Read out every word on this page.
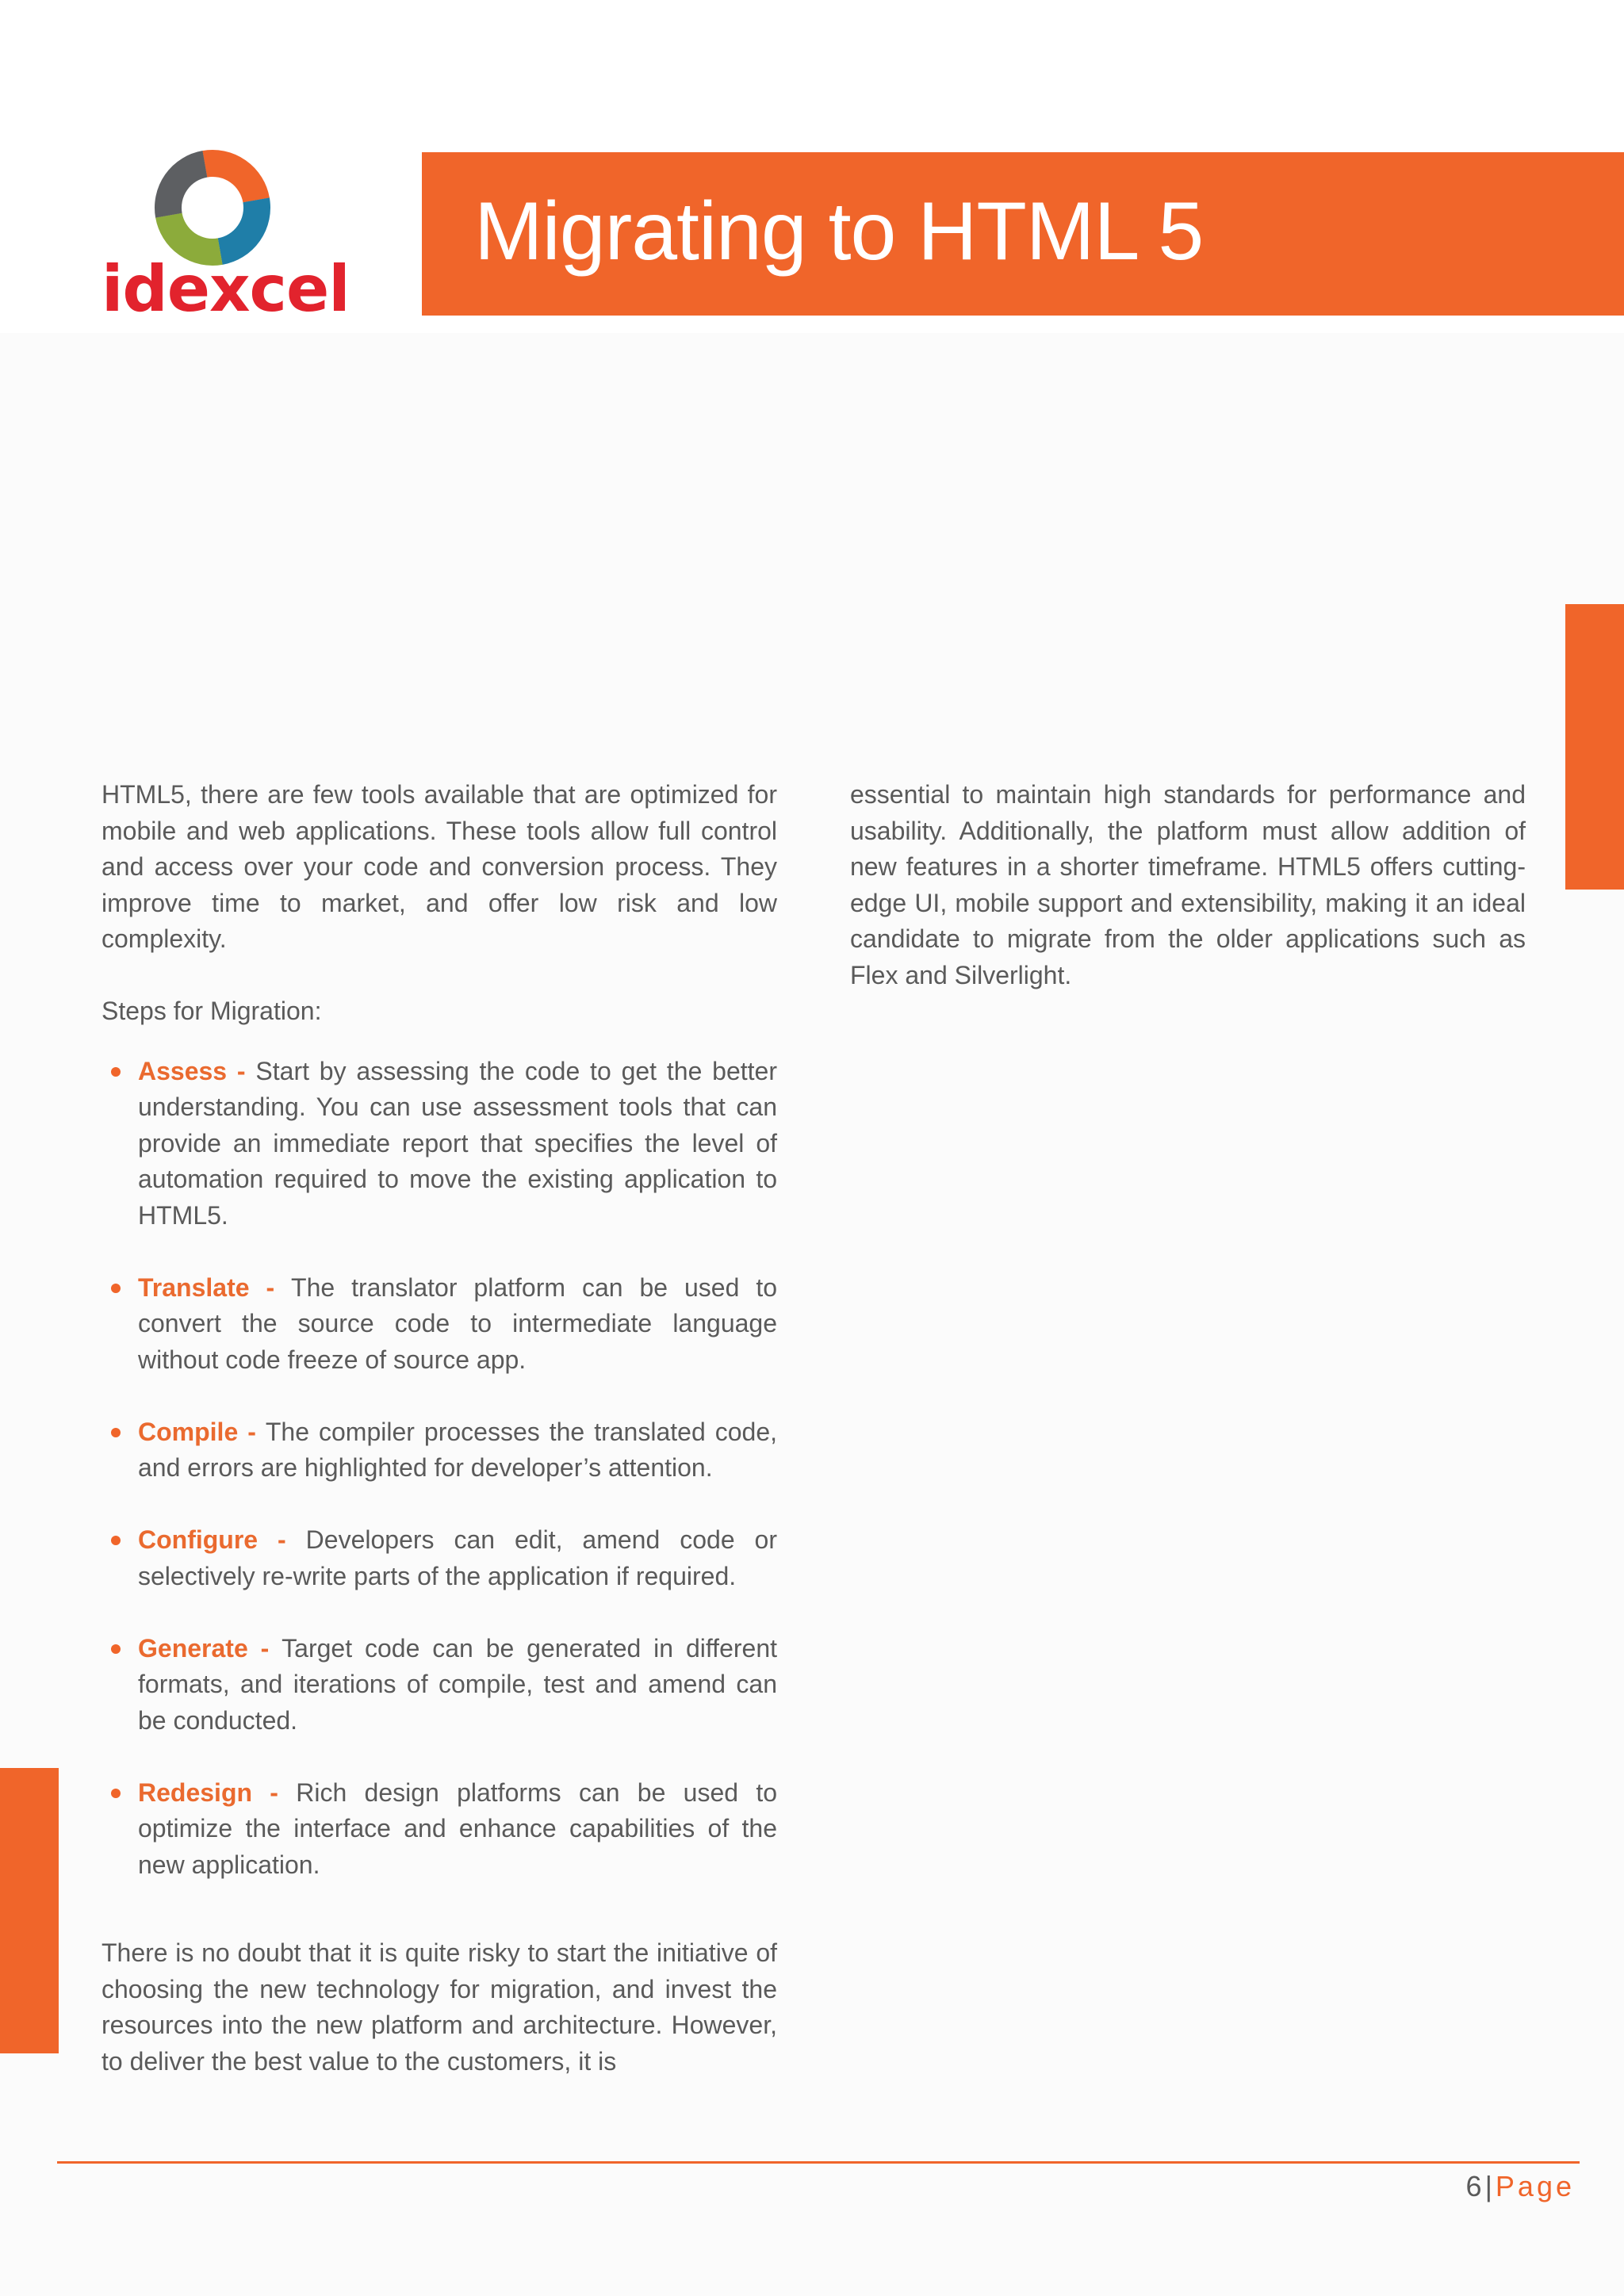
idexcel
Migrating to HTML 5

HTML5, there are few tools available that are optimized for mobile and web applications. These tools allow full control and access over your code and conversion process. They improve time to market, and offer low risk and low complexity.

Steps for Migration:

Assess - Start by assessing the code to get the better understanding. You can use assessment tools that can provide an immediate report that specifies the level of automation required to move the existing application to HTML5.
Translate - The translator platform can be used to convert the source code to intermediate language without code freeze of source app.
Compile - The compiler processes the translated code, and errors are highlighted for developer’s attention.
Configure - Developers can edit, amend code or selectively re-write parts of the application if required.
Generate - Target code can be generated in different formats, and iterations of compile, test and amend can be conducted.
Redesign - Rich design platforms can be used to optimize the interface and enhance capabilities of the new application.

There is no doubt that it is quite risky to start the initiative of choosing the new technology for migration, and invest the resources into the new platform and architecture. However, to deliver the best value to the customers, it is

essential to maintain high standards for performance and usability. Additionally, the platform must allow addition of new features in a shorter timeframe. HTML5 offers cutting-edge UI, mobile support and extensibility, making it an ideal candidate to migrate from the older applications such as Flex and Silverlight.

6 | Page
